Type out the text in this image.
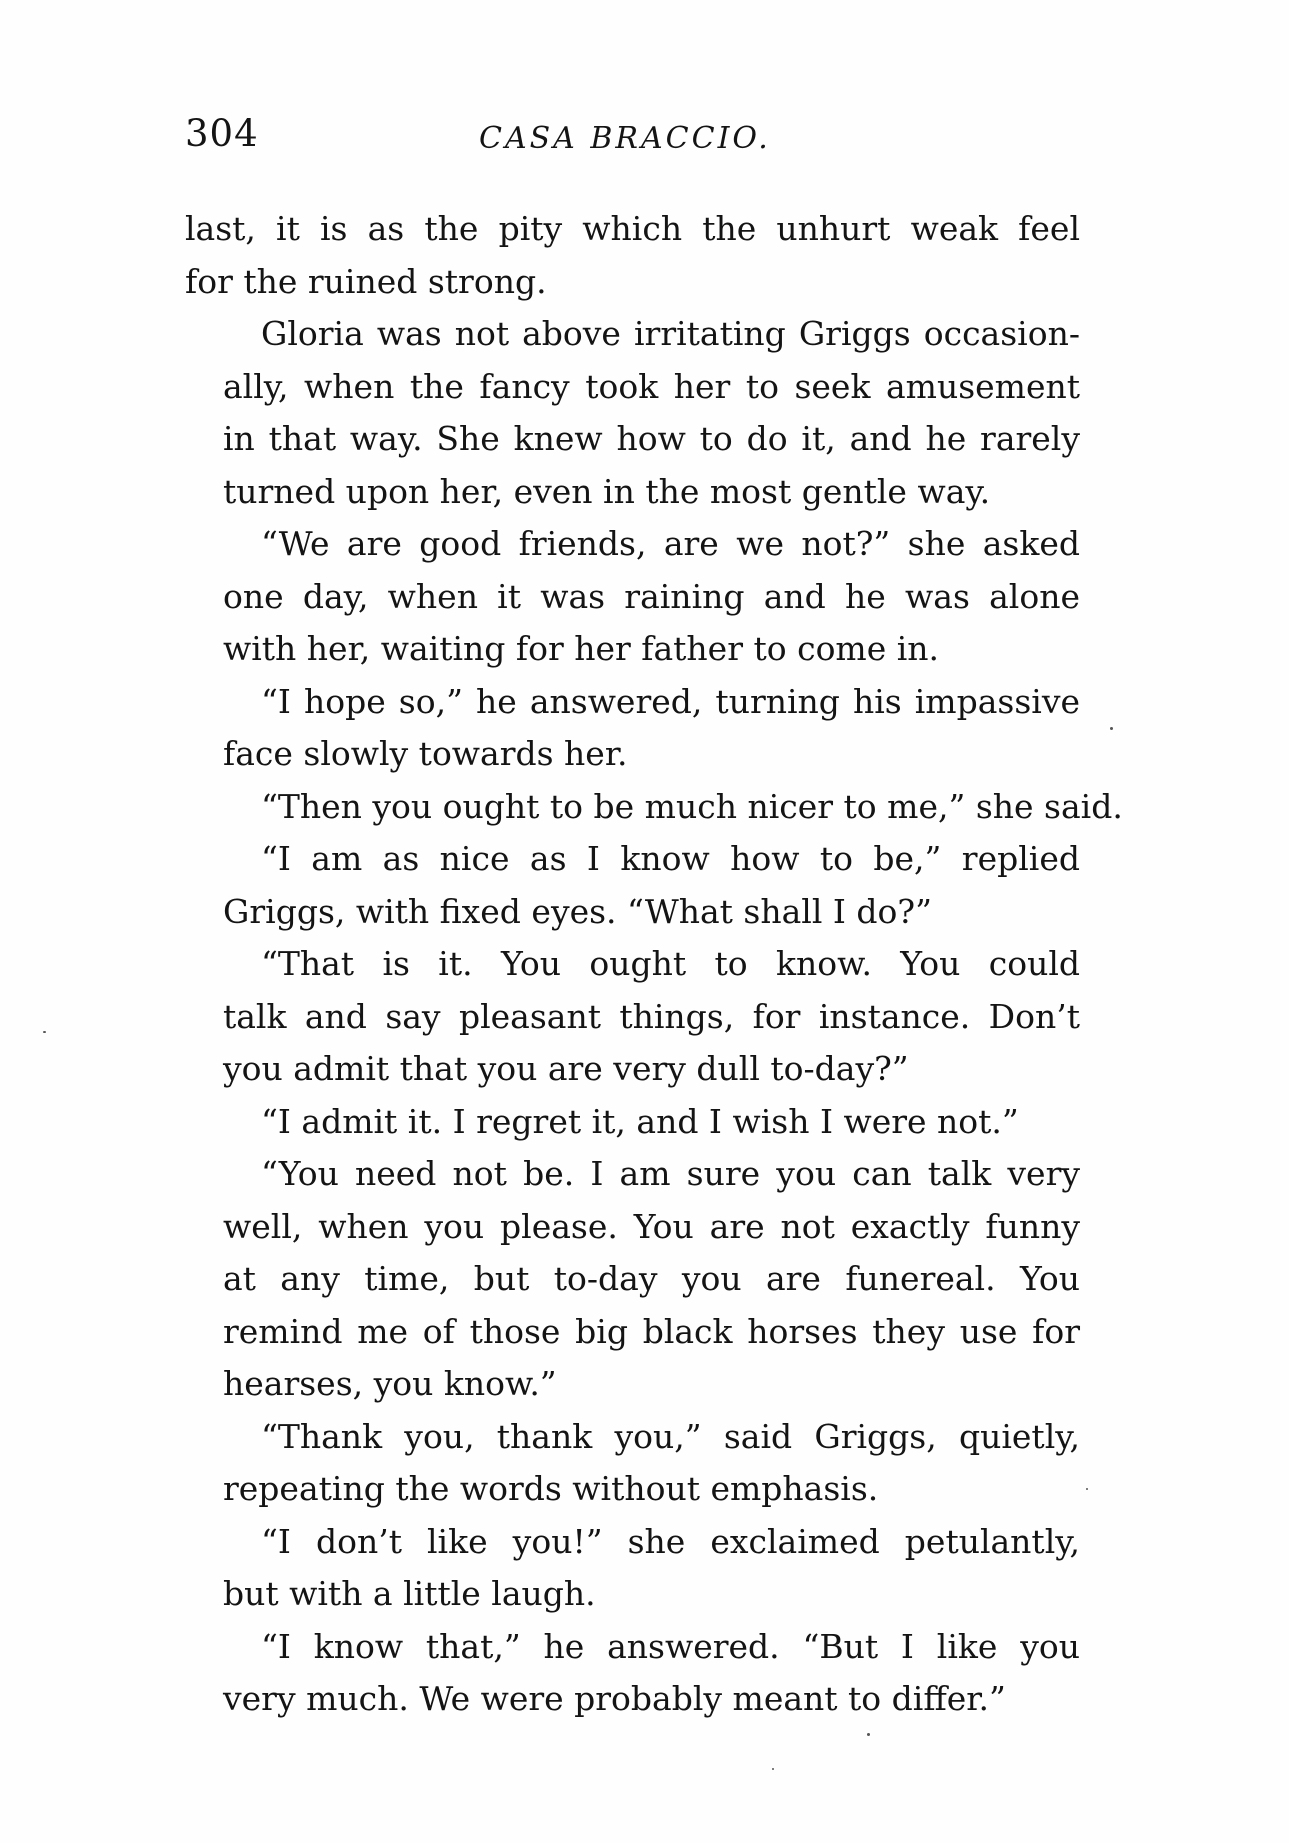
304	CASA BRACCIO.
last, it is as the pity which the unhurt weak feel
for the ruined strong.
Gloria was not above irritating Griggs occasion-
ally, when the fancy took her to seek amusement
in that way. She knew how to do it, and he rarely
turned upon her, even in the most gentle way.
“We are good friends, are we not?” she asked
one day, when it was raining and he was alone
with her, waiting for her father to come in.
“I hope so,” he answered, turning his impassive
face slowly towards her.
“Then you ought to be much nicer to me,” she said.
“I am as nice as I know how to be,” replied
Griggs, with fixed eyes. “What shall I do?”
“That is it. You ought to know. You could
talk and say pleasant things, for instance. Don’t
you admit that you are very dull to-day?”
“I admit it. I regret it, and I wish I were not.”
“You need not be. I am sure you can talk very
well, when you please. You are not exactly funny
at any time, but to-day you are funereal. You
remind me of those big black horses they use for
hearses, you know.”
“Thank you, thank you,” said Griggs, quietly,
repeating the words without emphasis.
“I don’t like you!” she exclaimed petulantly,
but with a little laugh.
“I know that,” he answered. “But I like you
very much. We were probably meant to differ.”
